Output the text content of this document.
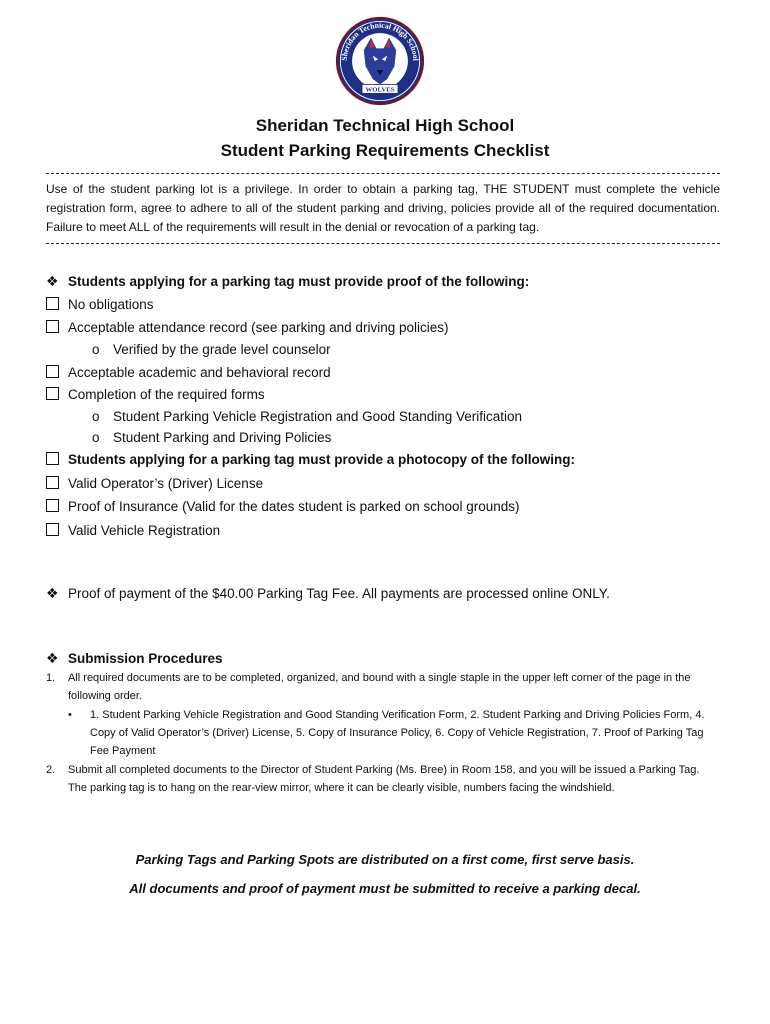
Sheridan Technical High School
WOLVES
Sheridan Technical High School
Student Parking Requirements Checklist
Use of the student parking lot is a privilege. In order to obtain a parking tag, THE STUDENT must complete the vehicle registration form, agree to adhere to all of the student parking and driving, policies provide all of the required documentation. Failure to meet ALL of the requirements will result in the denial or revocation of a parking tag.
❖ Students applying for a parking tag must provide proof of the following:
No obligations
Acceptable attendance record (see parking and driving policies)
o Verified by the grade level counselor
Acceptable academic and behavioral record
Completion of the required forms
o Student Parking Vehicle Registration and Good Standing Verification
o Student Parking and Driving Policies
Students applying for a parking tag must provide a photocopy of the following:
Valid Operator’s (Driver) License
Proof of Insurance (Valid for the dates student is parked on school grounds)
Valid Vehicle Registration
❖ Proof of payment of the $40.00 Parking Tag Fee. All payments are processed online ONLY.
❖ Submission Procedures
1. All required documents are to be completed, organized, and bound with a single staple in the upper left corner of the page in the following order.
• 1. Student Parking Vehicle Registration and Good Standing Verification Form, 2. Student Parking and Driving Policies Form, 4. Copy of Valid Operator’s (Driver) License, 5. Copy of Insurance Policy, 6. Copy of Vehicle Registration, 7. Proof of Parking Tag Fee Payment
2. Submit all completed documents to the Director of Student Parking (Ms. Bree) in Room 158, and you will be issued a Parking Tag. The parking tag is to hang on the rear-view mirror, where it can be clearly visible, numbers facing the windshield.
Parking Tags and Parking Spots are distributed on a first come, first serve basis.
All documents and proof of payment must be submitted to receive a parking decal.
